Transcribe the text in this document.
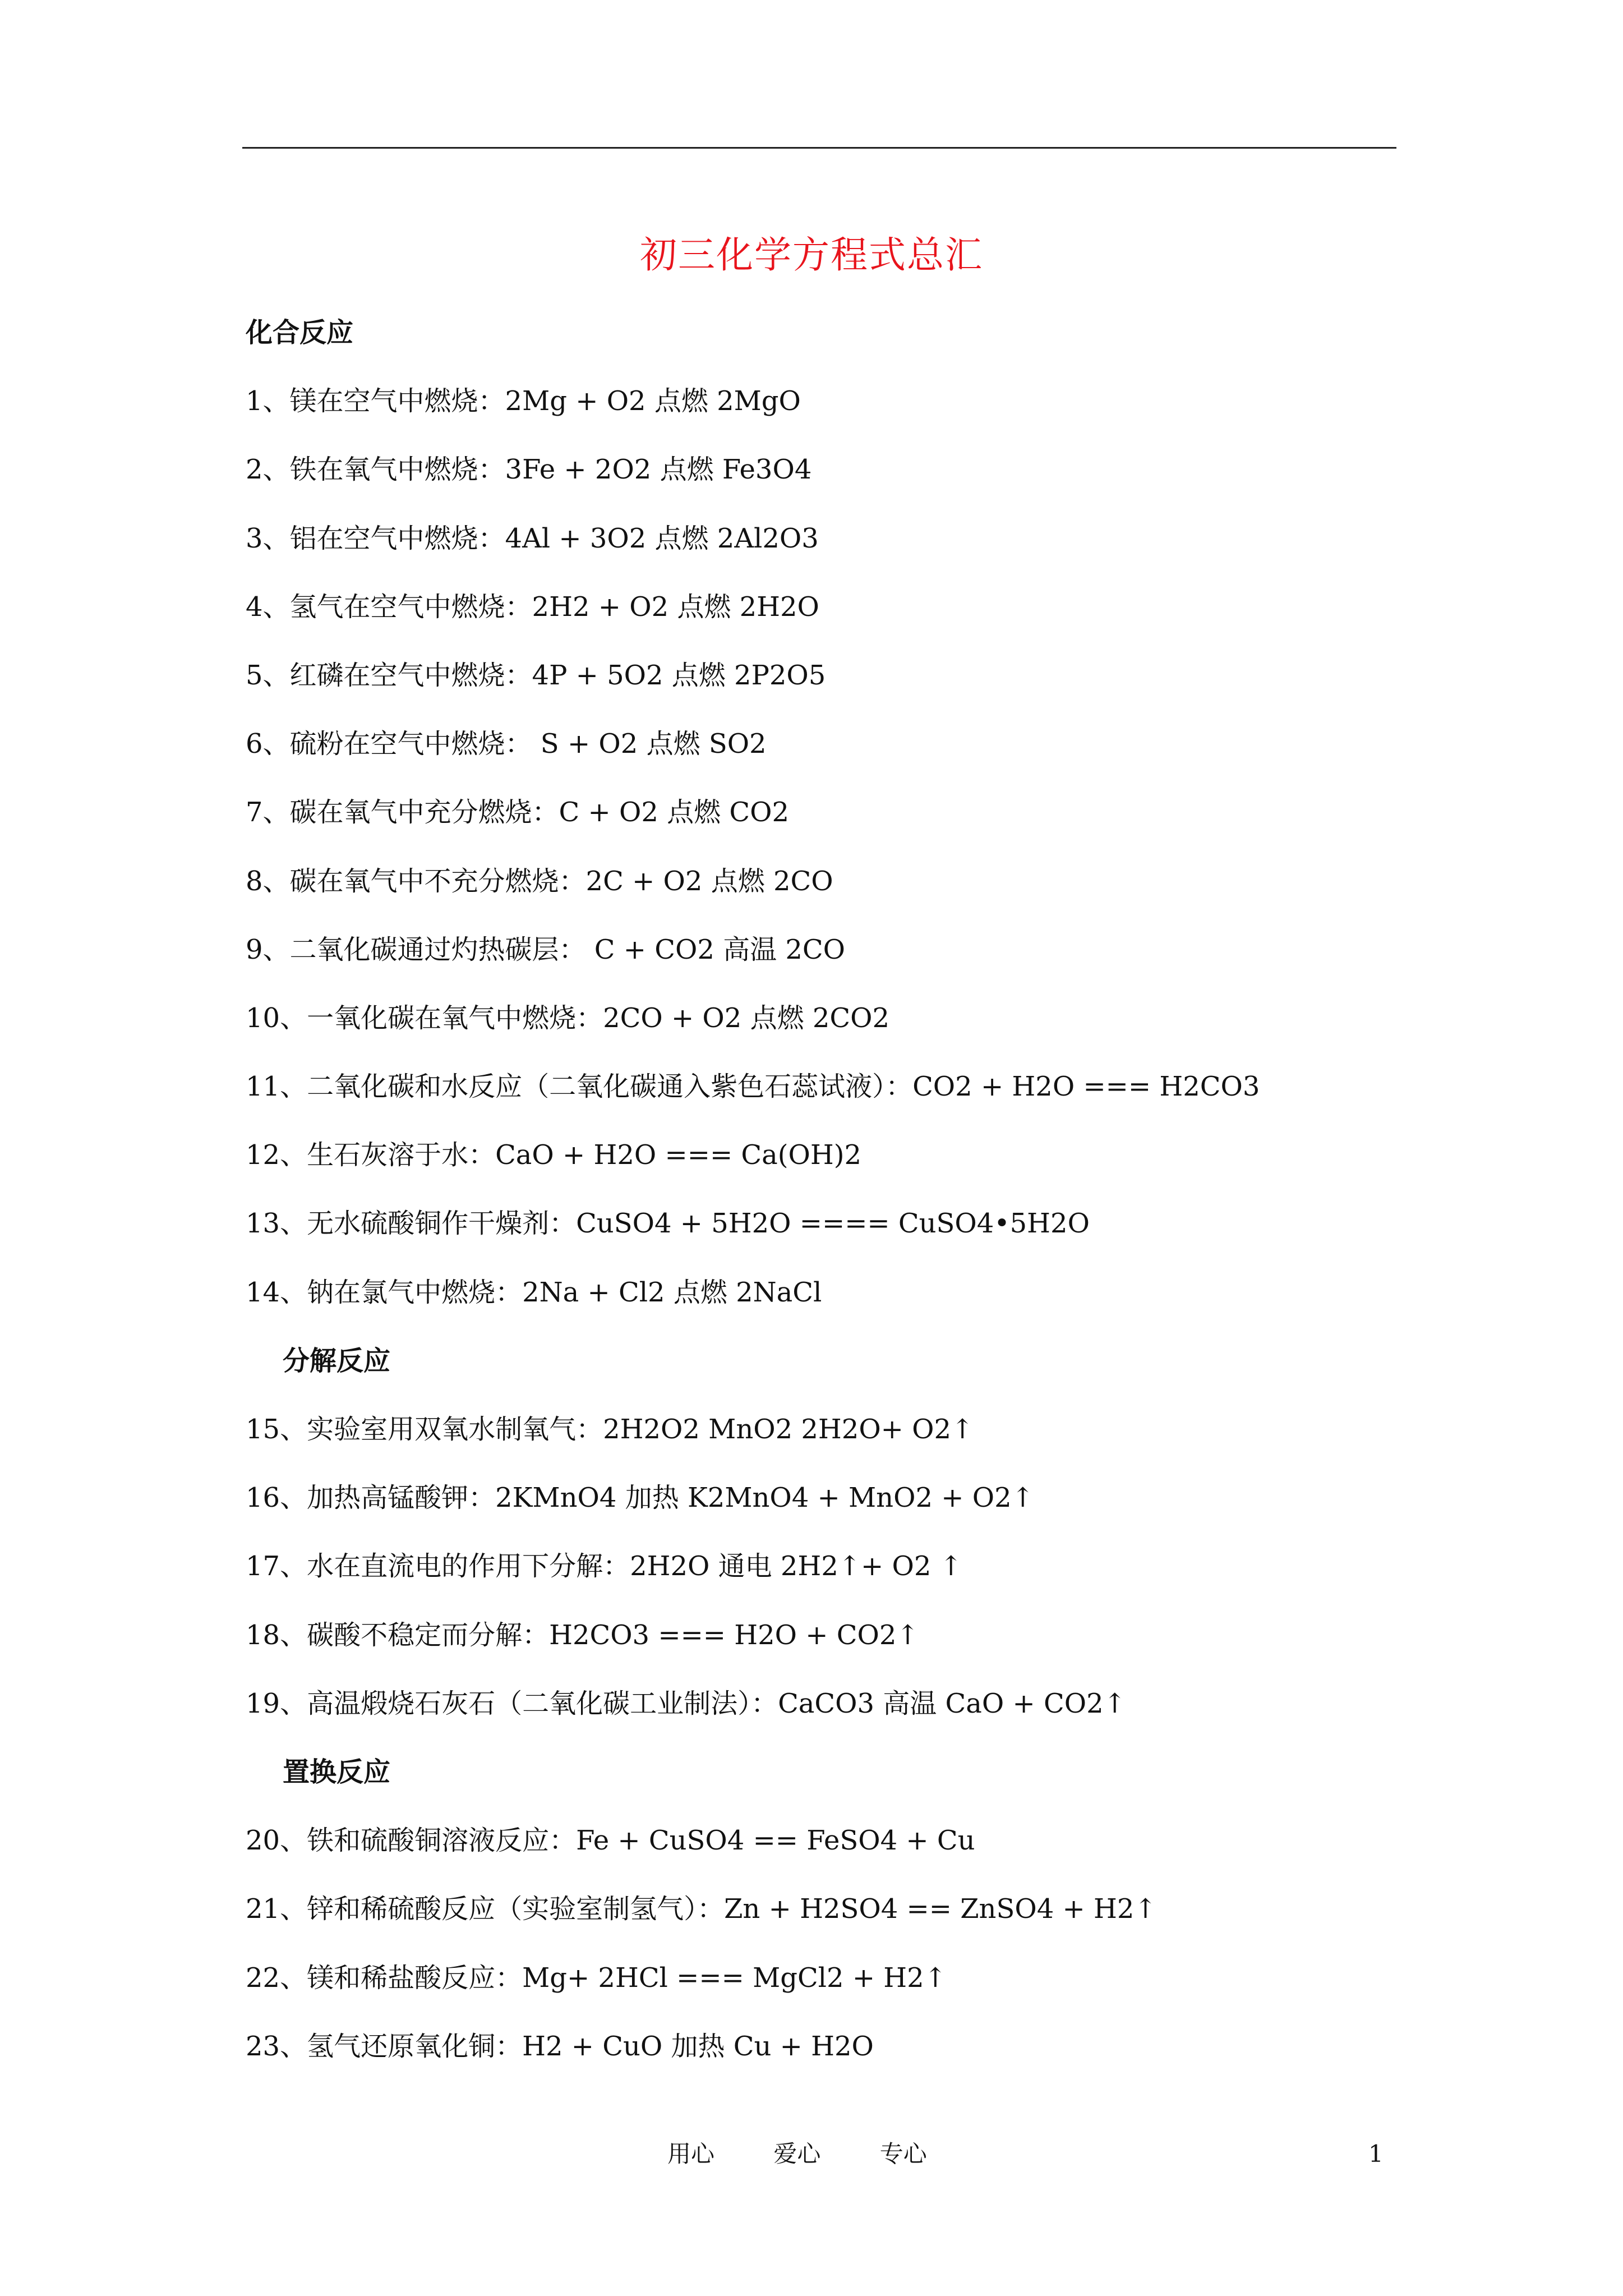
初三化学方程式总汇
化合反应
1、镁在空气中燃烧：2Mg + O2 点燃 2MgO
2、铁在氧气中燃烧：3Fe + 2O2 点燃 Fe3O4
3、铝在空气中燃烧：4Al + 3O2 点燃 2Al2O3
4、氢气在空气中燃烧：2H2 + O2 点燃 2H2O
5、红磷在空气中燃烧：4P + 5O2 点燃 2P2O5
6、硫粉在空气中燃烧： S + O2 点燃 SO2
7、碳在氧气中充分燃烧：C + O2 点燃 CO2
8、碳在氧气中不充分燃烧：2C + O2 点燃 2CO
9、二氧化碳通过灼热碳层： C + CO2 高温 2CO
10、一氧化碳在氧气中燃烧：2CO + O2 点燃 2CO2
11、二氧化碳和水反应（二氧化碳通入紫色石蕊试液）：CO2 + H2O === H2CO3
12、生石灰溶于水：CaO + H2O === Ca(OH)2
13、无水硫酸铜作干燥剂：CuSO4 + 5H2O ==== CuSO4•5H2O
14、钠在氯气中燃烧：2Na + Cl2 点燃 2NaCl
分解反应
15、实验室用双氧水制氧气：2H2O2 MnO2 2H2O+ O2↑
16、加热高锰酸钾：2KMnO4 加热 K2MnO4 + MnO2 + O2↑
17、水在直流电的作用下分解：2H2O 通电 2H2↑+ O2 ↑
18、碳酸不稳定而分解：H2CO3 === H2O + CO2↑
19、高温煅烧石灰石（二氧化碳工业制法）：CaCO3 高温 CaO + CO2↑
置换反应
20、铁和硫酸铜溶液反应：Fe + CuSO4 == FeSO4 + Cu
21、锌和稀硫酸反应（实验室制氢气）：Zn + H2SO4 == ZnSO4 + H2↑
22、镁和稀盐酸反应：Mg+ 2HCl === MgCl2 + H2↑
23、氢气还原氧化铜：H2 + CuO 加热 Cu + H2O
用心	爱心	专心	1
